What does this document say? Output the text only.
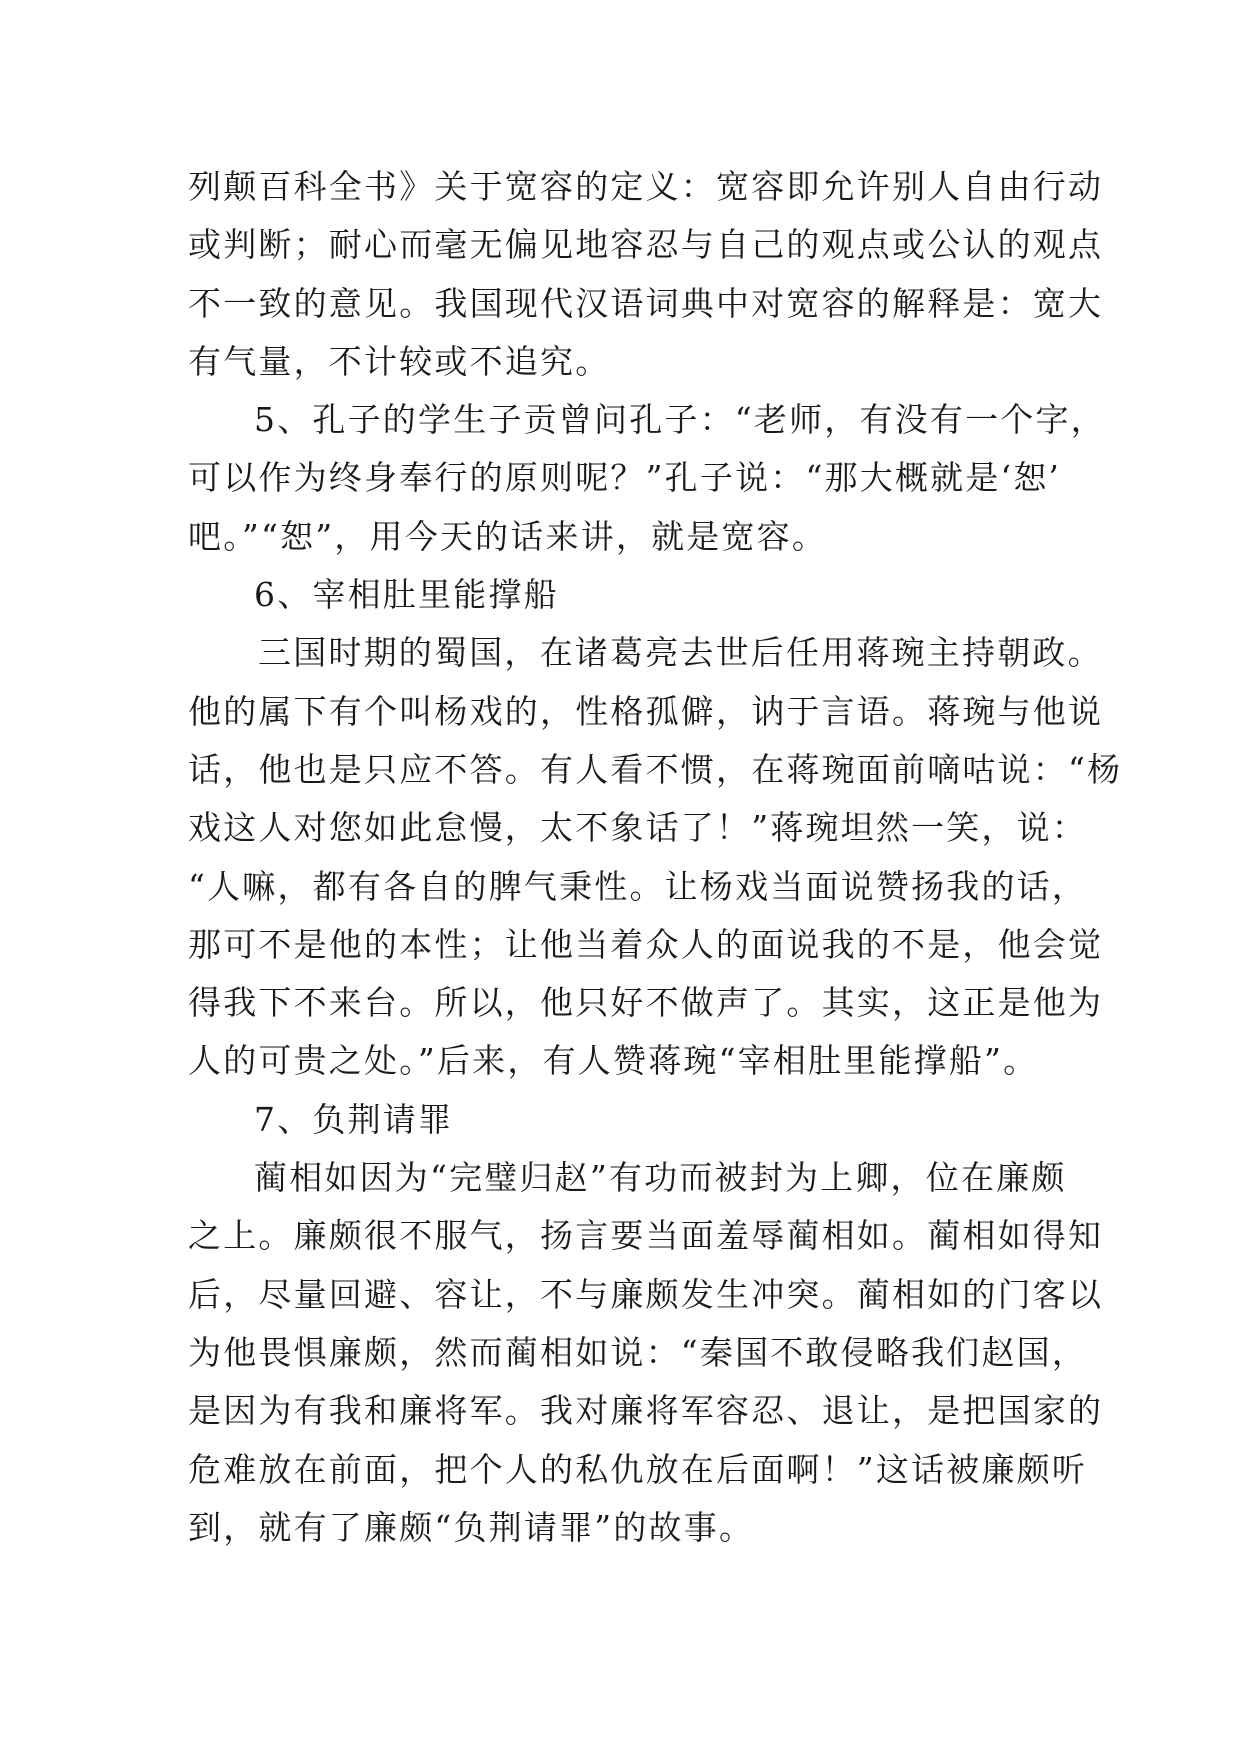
列颠百科全书》关于宽容的定义：宽容即允许别人自由行动

或判断；耐心而毫无偏见地容忍与自己的观点或公认的观点

不一致的意见。我国现代汉语词典中对宽容的解释是：宽大

有气量，不计较或不追究。

5、孔子的学生子贡曾问孔子：“老师，有没有一个字，

可以作为终身奉行的原则呢？”孔子说：“那大概就是‘恕’

吧。”“恕”，用今天的话来讲，就是宽容。

6、宰相肚里能撑船

三国时期的蜀国，在诸葛亮去世后任用蒋琬主持朝政。

他的属下有个叫杨戏的，性格孤僻，讷于言语。蒋琬与他说

话，他也是只应不答。有人看不惯，在蒋琬面前嘀咕说：“杨

戏这人对您如此怠慢，太不象话了！”蒋琬坦然一笑，说：

“人嘛，都有各自的脾气秉性。让杨戏当面说赞扬我的话，

那可不是他的本性；让他当着众人的面说我的不是，他会觉

得我下不来台。所以，他只好不做声了。其实，这正是他为

人的可贵之处。”后来，有人赞蒋琬“宰相肚里能撑船”。

7、负荆请罪

蔺相如因为“完璧归赵”有功而被封为上卿，位在廉颇

之上。廉颇很不服气，扬言要当面羞辱蔺相如。蔺相如得知

后，尽量回避、容让，不与廉颇发生冲突。蔺相如的门客以

为他畏惧廉颇，然而蔺相如说：“秦国不敢侵略我们赵国，

是因为有我和廉将军。我对廉将军容忍、退让，是把国家的

危难放在前面，把个人的私仇放在后面啊！”这话被廉颇听

到，就有了廉颇“负荆请罪”的故事。
